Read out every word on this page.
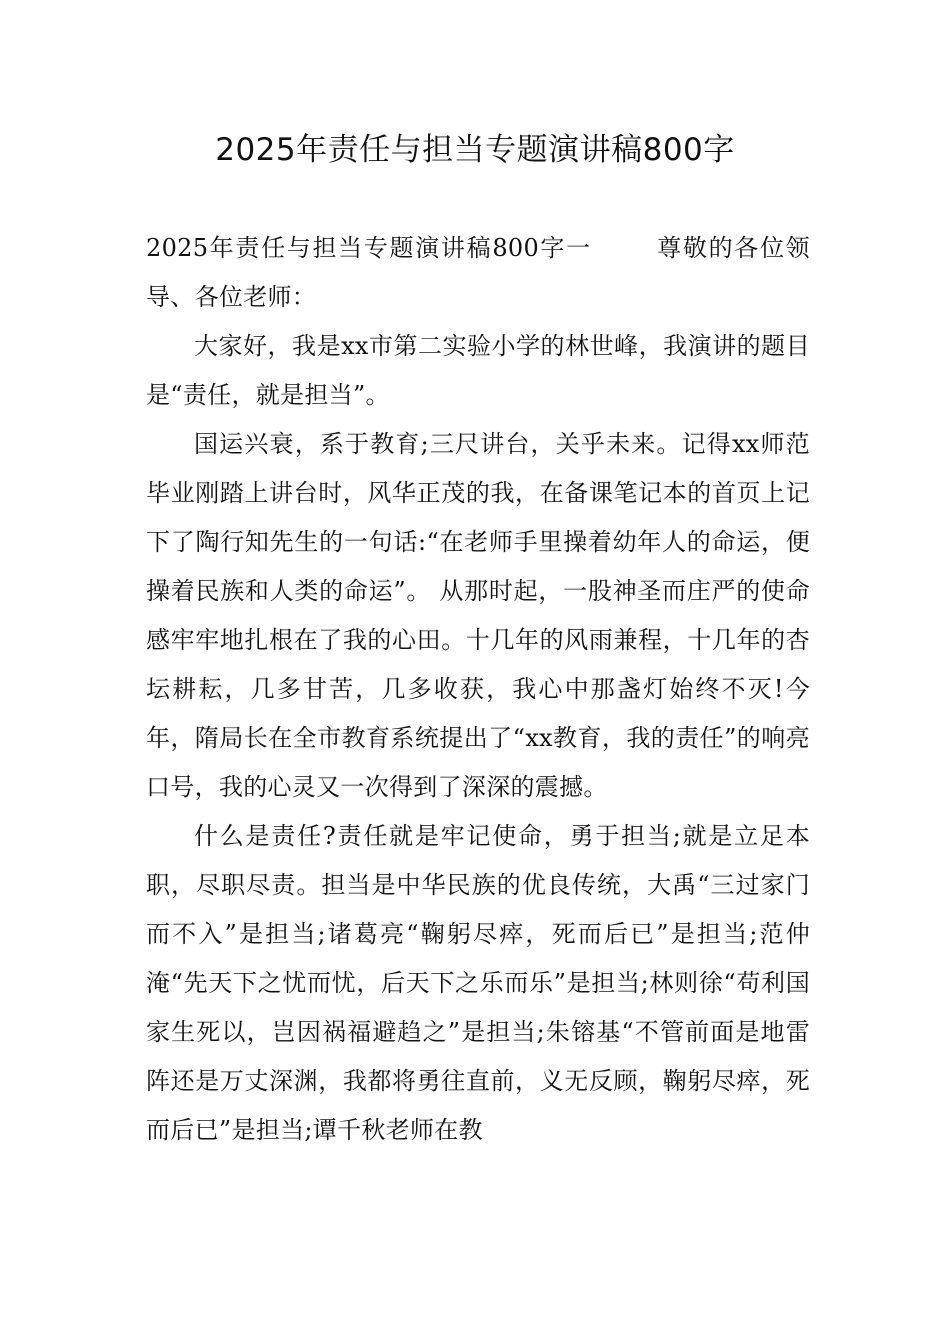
2025年责任与担当专题演讲稿800字

2025年责任与担当专题演讲稿800字一	尊敬的各位领导、各位老师：

大家好，我是xx市第二实验小学的林世峰，我演讲的题目是“责任，就是担当”。

国运兴衰，系于教育;三尺讲台，关乎未来。记得xx师范毕业刚踏上讲台时，风华正茂的我，在备课笔记本的首页上记下了陶行知先生的一句话:“在老师手里操着幼年人的命运，便操着民族和人类的命运”。 从那时起，一股神圣而庄严的使命感牢牢地扎根在了我的心田。十几年的风雨兼程，十几年的杏坛耕耘，几多甘苦，几多收获，我心中那盏灯始终不灭!今年，隋局长在全市教育系统提出了“xx教育，我的责任”的响亮口号，我的心灵又一次得到了深深的震撼。

什么是责任?责任就是牢记使命，勇于担当;就是立足本职，尽职尽责。担当是中华民族的优良传统，大禹“三过家门而不入”是担当;诸葛亮“鞠躬尽瘁，死而后已”是担当;范仲淹“先天下之忧而忧，后天下之乐而乐”是担当;林则徐“苟利国家生死以，岂因祸福避趋之”是担当;朱镕基“不管前面是地雷阵还是万丈深渊，我都将勇往直前，义无反顾，鞠躬尽瘁，死而后已”是担当;谭千秋老师在教
